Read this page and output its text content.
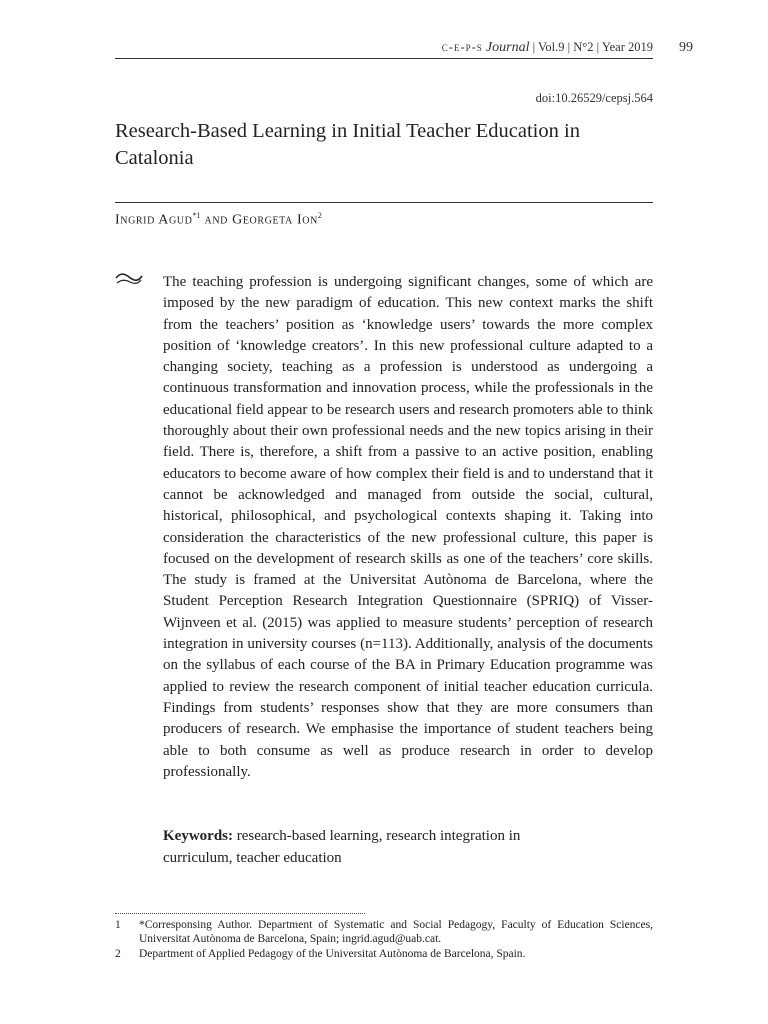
c-e-p-s Journal | Vol.9 | N°2 | Year 2019 99
doi:10.26529/cepsj.564
Research-Based Learning in Initial Teacher Education in Catalonia
Ingrid Agud$^{*1}$ and Georgeta Ion$^2$

The teaching profession is undergoing significant changes, some of which are imposed by the new paradigm of education. This new context marks the shift from the teachers’ position as ‘knowledge users’ towards the more complex position of ‘knowledge creators’. In this new professional culture adapted to a changing society, teaching as a profession is understood as undergoing a continuous transformation and innovation process, while the professionals in the educational field appear to be research users and research promoters able to think thoroughly about their own professional needs and the new topics arising in their field. There is, therefore, a shift from a passive to an active position, enabling educators to become aware of how complex their field is and to understand that it cannot be acknowledged and managed from outside the social, cultural, historical, philosophical, and psychological contexts shaping it. Taking into consideration the characteristics of the new professional culture, this paper is focused on the development of research skills as one of the teachers’ core skills. The study is framed at the Universitat Autònoma de Barcelona, where the Student Perception Research Integration Questionnaire (SPRIQ) of Visser-Wijnveen et al. (2015) was applied to measure students’ perception of research integration in university courses (n=113). Additionally, analysis of the documents on the syllabus of each course of the BA in Primary Education programme was applied to review the research component of initial teacher education curricula. Findings from students’ responses show that they are more consumers than producers of research. We emphasise the importance of student teachers being able to both consume as well as produce research in order to develop professionally.

Keywords: research-based learning, research integration in curriculum, teacher education

1 *Corresponsing Author. Department of Systematic and Social Pedagogy, Faculty of Education Sciences, Universitat Autònoma de Barcelona, Spain; ingrid.agud@uab.cat.
2 Department of Applied Pedagogy of the Universitat Autònoma de Barcelona, Spain.
